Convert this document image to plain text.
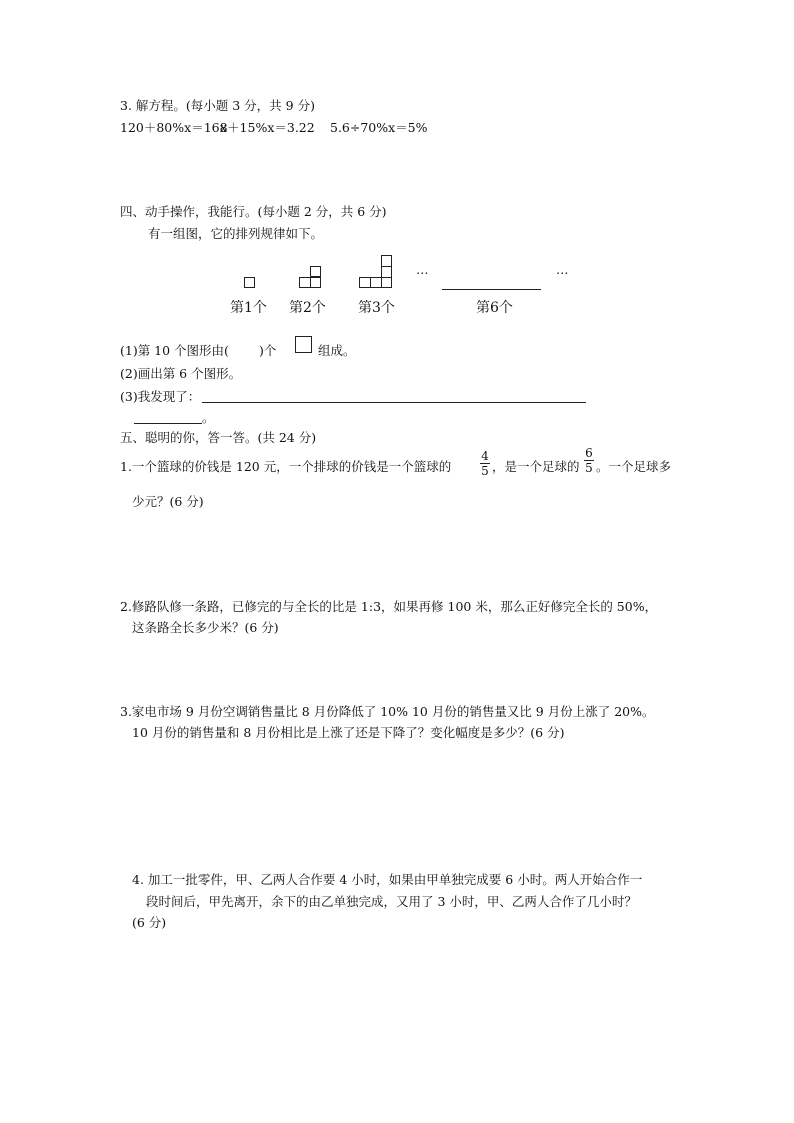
3. 解方程。(每小题 3 分，共 9 分)
120＋80%x＝168
x＋15%x＝3.22 5.6÷70%x＝5%
四、动手操作，我能行。(每小题 2 分，共 6 分)
有一组图，它的排列规律如下。
…	…
第1个 第2个 第3个	第6个
(1)第 10 个图形由( )个	组成。
(2)画出第 6 个图形。
(3)我发现了：
。
五、聪明的你，答一答。(共 24 分)
1.一个篮球的价钱是 120 元，一个排球的价钱是一个篮球的
4
5 ，是一个足球的
6
5 。一个足球多
少元？(6 分)
2.修路队修一条路，已修完的与全长的比是 1:3，如果再修 100 米，那么正好修完全长的 50%，
这条路全长多少米？(6 分)
3.家电市场 9 月份空调销售量比 8 月份降低了 10% 10 月份的销售量又比 9 月份上涨了 20%。
10 月份的销售量和 8 月份相比是上涨了还是下降了？变化幅度是多少？(6 分)
4. 加工一批零件，甲、乙两人合作要 4 小时，如果由甲单独完成要 6 小时。两人开始合作一
段时间后，甲先离开，余下的由乙单独完成，又用了 3 小时，甲、乙两人合作了几小时？
(6 分)
